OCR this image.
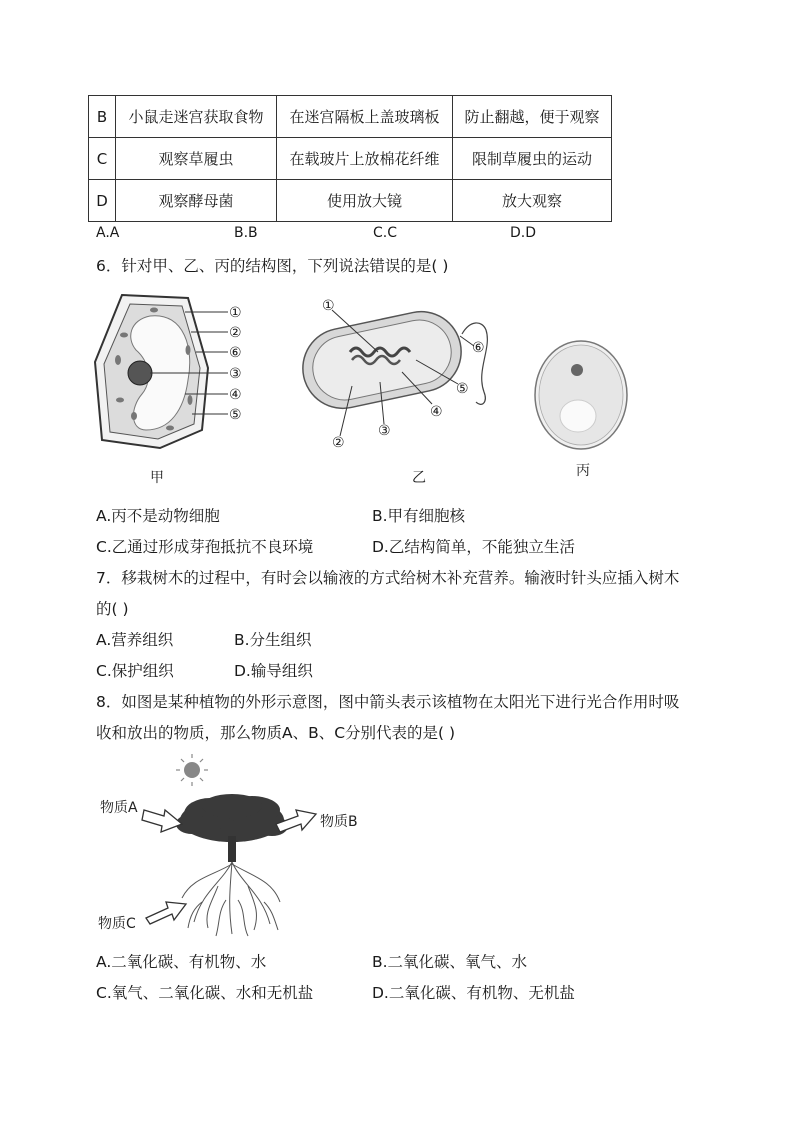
B	小鼠走迷宫获取食物	在迷宫隔板上盖玻璃板	防止翻越，便于观察
C	观察草履虫	在载玻片上放棉花纤维	限制草履虫的运动
D	观察酵母菌	使用放大镜	放大观察
A.A	B.B	C.C	D.D
6．针对甲、乙、丙的结构图，下列说法错误的是( )
①
②
⑥
③
④
⑤
甲
①
⑥
⑤
④
③
②
乙	丙
A.丙不是动物细胞	B.甲有细胞核
C.乙通过形成芽孢抵抗不良环境	D.乙结构简单，不能独立生活
7．移栽树木的过程中，有时会以输液的方式给树木补充营养。输液时针头应插入树木
的( )
A.营养组织	B.分生组织
C.保护组织	D.输导组织
8．如图是某种植物的外形示意图，图中箭头表示该植物在太阳光下进行光合作用时吸
收和放出的物质，那么物质A、B、C分别代表的是( )
物质A
物质B
物质C
A.二氧化碳、有机物、水	B.二氧化碳、氧气、水
C.氧气、二氧化碳、水和无机盐	D.二氧化碳、有机物、无机盐
